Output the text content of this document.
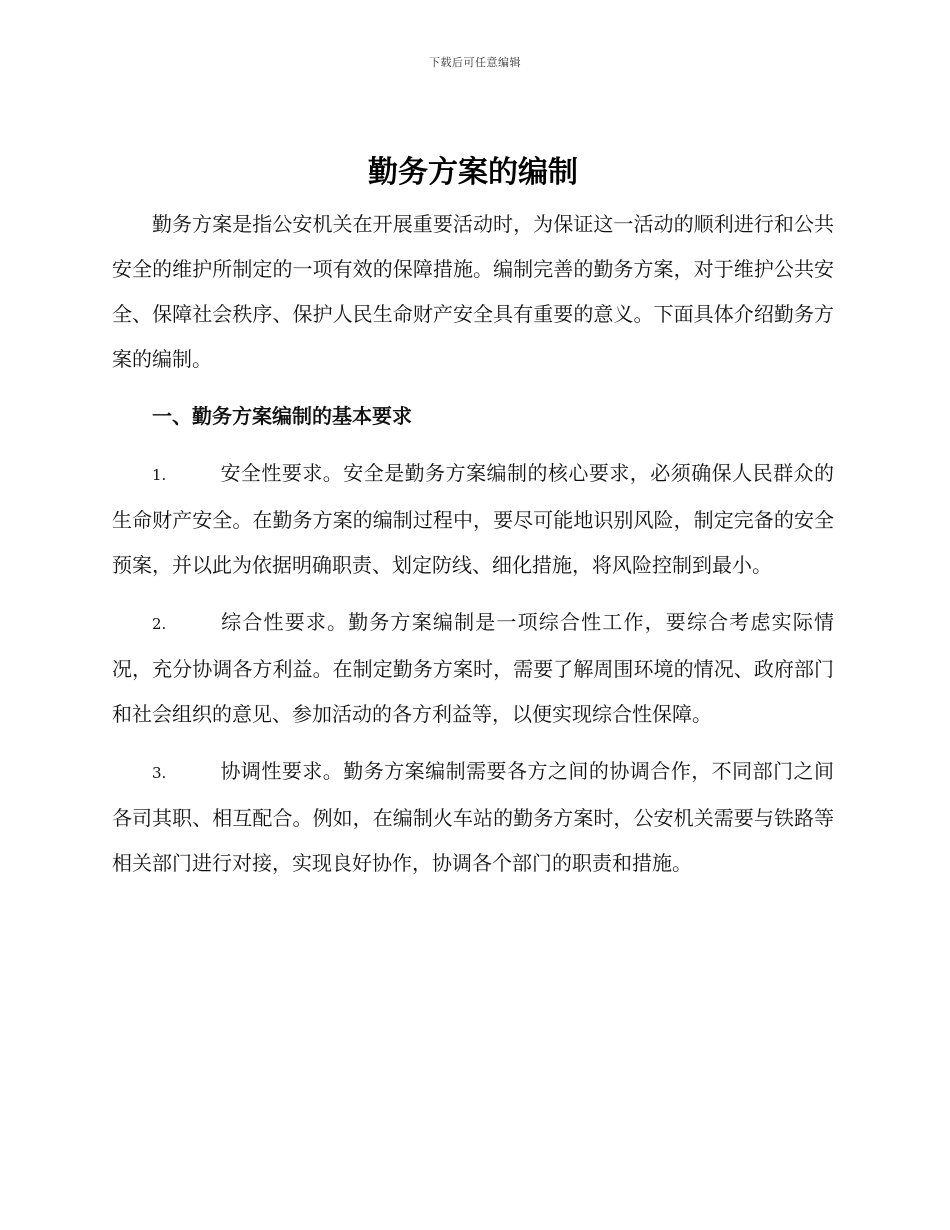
下载后可任意编辑
勤务方案的编制

勤务方案是指公安机关在开展重要活动时，为保证这一活动的顺利进行和公共安全的维护所制定的一项有效的保障措施。编制完善的勤务方案，对于维护公共安全、保障社会秩序、保护人民生命财产安全具有重要的意义。下面具体介绍勤务方案的编制。

一、勤务方案编制的基本要求

1.	安全性要求。安全是勤务方案编制的核心要求，必须确保人民群众的生命财产安全。在勤务方案的编制过程中，要尽可能地识别风险，制定完备的安全预案，并以此为依据明确职责、划定防线、细化措施，将风险控制到最小。

2.	综合性要求。勤务方案编制是一项综合性工作，要综合考虑实际情况，充分协调各方利益。在制定勤务方案时，需要了解周围环境的情况、政府部门和社会组织的意见、参加活动的各方利益等，以便实现综合性保障。

3.	协调性要求。勤务方案编制需要各方之间的协调合作，不同部门之间各司其职、相互配合。例如，在编制火车站的勤务方案时，公安机关需要与铁路等相关部门进行对接，实现良好协作，协调各个部门的职责和措施。
